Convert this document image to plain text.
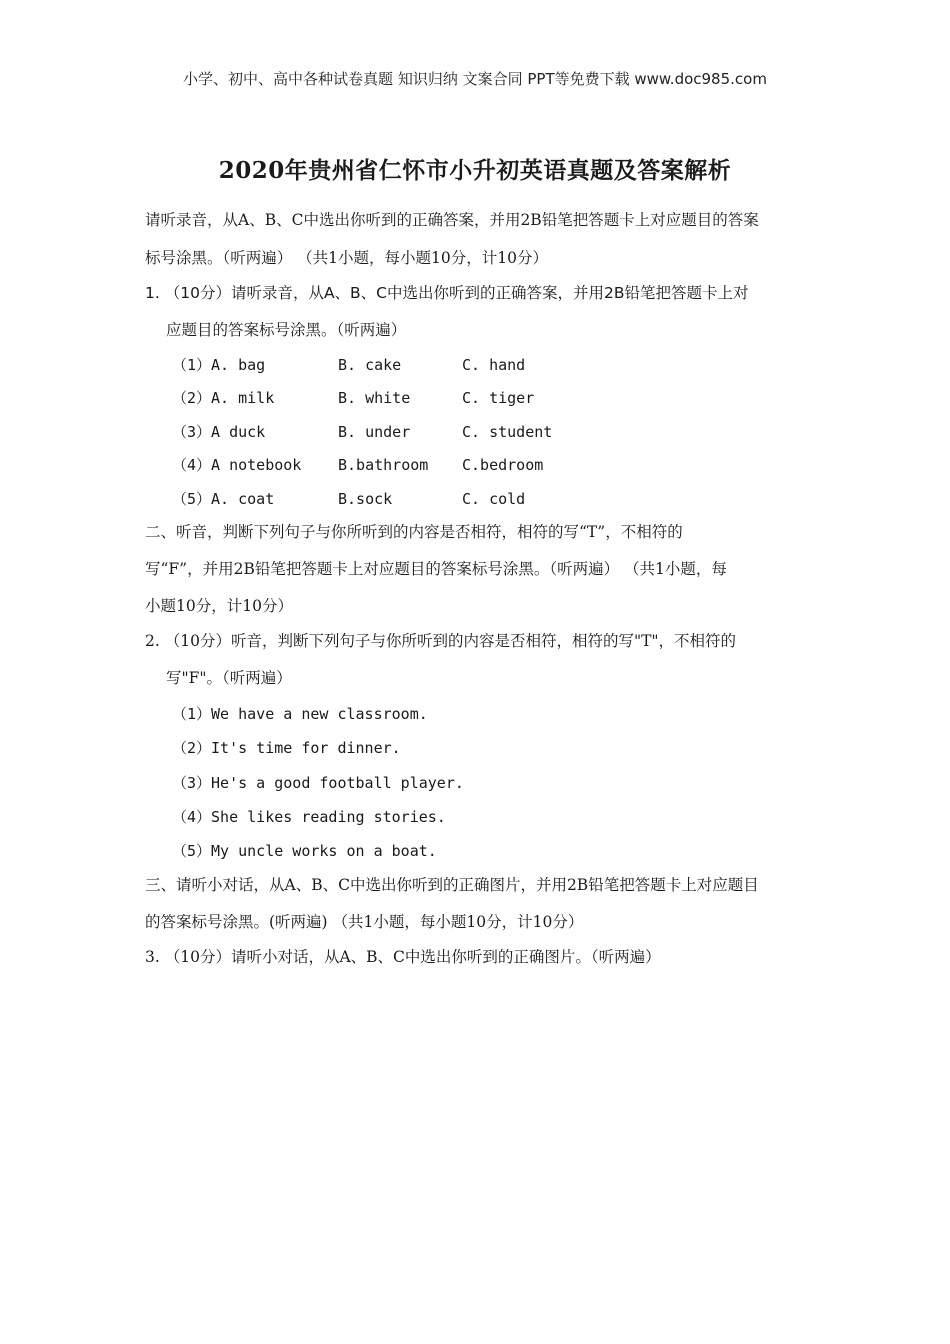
小学、初中、高中各种试卷真题 知识归纳 文案合同 PPT等免费下载 www.doc985.com
2020年贵州省仁怀市小升初英语真题及答案解析
请听录音，从A、B、C中选出你听到的正确答案，并用2B铅笔把答题卡上对应题目的答案
标号涂黑。（听两遍） （共1小题，每小题10分，计10分）
1. （10分）请听录音，从A、B、C中选出你听到的正确答案，并用2B铅笔把答题卡上对
应题目的答案标号涂黑。（听两遍）
（1）A. bag	B. cake	C. hand
（2）A. milk	B. white	C. tiger
（3）A duck	B. under	C. student
（4）A notebook B.bathroom C.bedroom
（5）A. coat	B.sock	C. cold
二、听音，判断下列句子与你所听到的内容是否相符，相符的写“T”，不相符的
写“F”，并用2B铅笔把答题卡上对应题目的答案标号涂黑。（听两遍） （共1小题，每
小题10分，计10分）
2. （10分）听音，判断下列句子与你所听到的内容是否相符，相符的写"T"，不相符的
写"F"。（听两遍）
（1）We have a new classroom.
（2）It's time for dinner.
（3）He's a good football player.
（4）She likes reading stories.
（5）My uncle works on a boat.
三、请听小对话，从A、B、C中选出你听到的正确图片，并用2B铅笔把答题卡上对应题目
的答案标号涂黑。(听两遍) （共1小题，每小题10分，计10分）
3. （10分）请听小对话，从A、B、C中选出你听到的正确图片。（听两遍）
